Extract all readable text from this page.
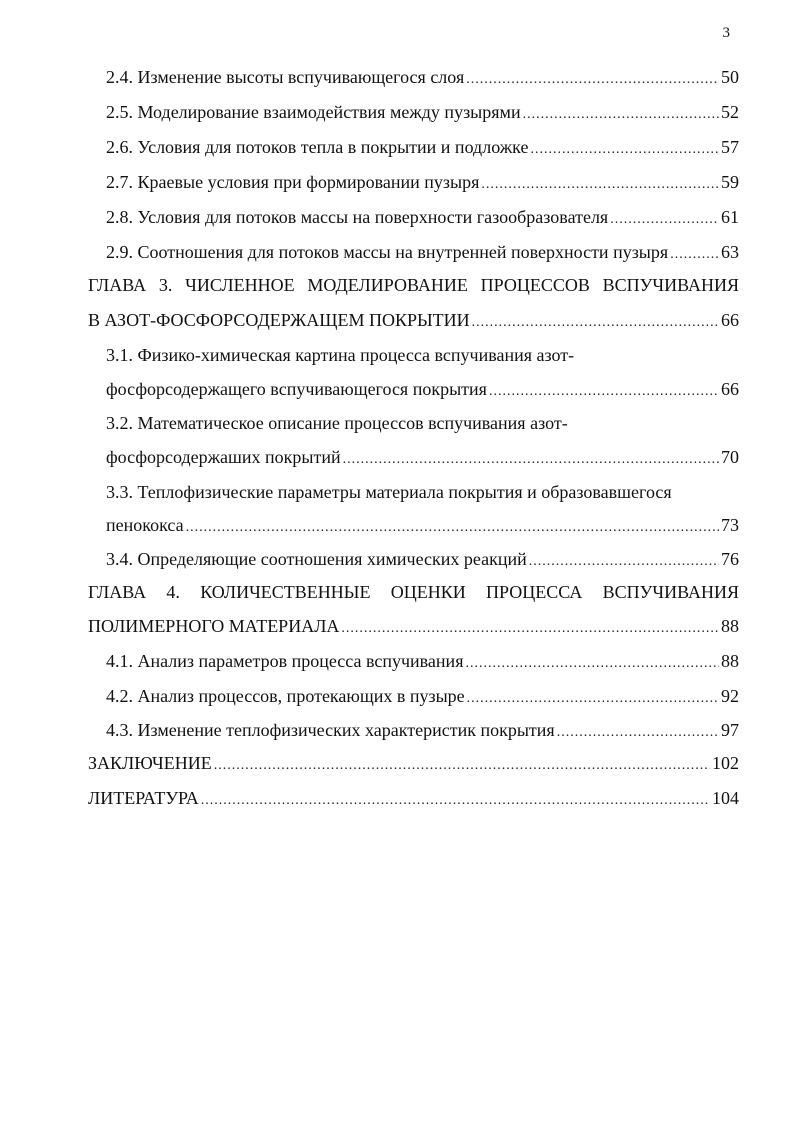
3
2.4. Изменение высоты вспучивающегося слоя .....	50
2.5. Моделирование взаимодействия между пузырями .....	52
2.6. Условия для потоков тепла в покрытии и подложке .....	57
2.7. Краевые условия при формировании пузыря .....	59
2.8. Условия для потоков массы на поверхности газообразователя .....	61
2.9. Соотношения для потоков массы на внутренней поверхности пузыря .....	63
ГЛАВА 3. ЧИСЛЕННОЕ МОДЕЛИРОВАНИЕ ПРОЦЕССОВ ВСПУЧИВАНИЯ
В АЗОТ-ФОСФОРСОДЕРЖАЩЕМ ПОКРЫТИИ .....	66
3.1. Физико-химическая картина процесса вспучивания азот-
фосфорсодержащего вспучивающегося покрытия .....	66
3.2. Математическое описание процессов вспучивания азот-
фосфорсодержаших покрытий .....	70
3.3. Теплофизические параметры материала покрытия и образовавшегося
пенококса .....	73
3.4. Определяющие соотношения химических реакций .....	76
ГЛАВА 4. КОЛИЧЕСТВЕННЫЕ ОЦЕНКИ ПРОЦЕССА ВСПУЧИВАНИЯ
ПОЛИМЕРНОГО МАТЕРИАЛА .....	88
4.1. Анализ параметров процесса вспучивания .....	88
4.2. Анализ процессов, протекающих в пузыре .....	92
4.3. Изменение теплофизических характеристик покрытия .....	97
ЗАКЛЮЧЕНИЕ .....	102
ЛИТЕРАТУРА .....	104
